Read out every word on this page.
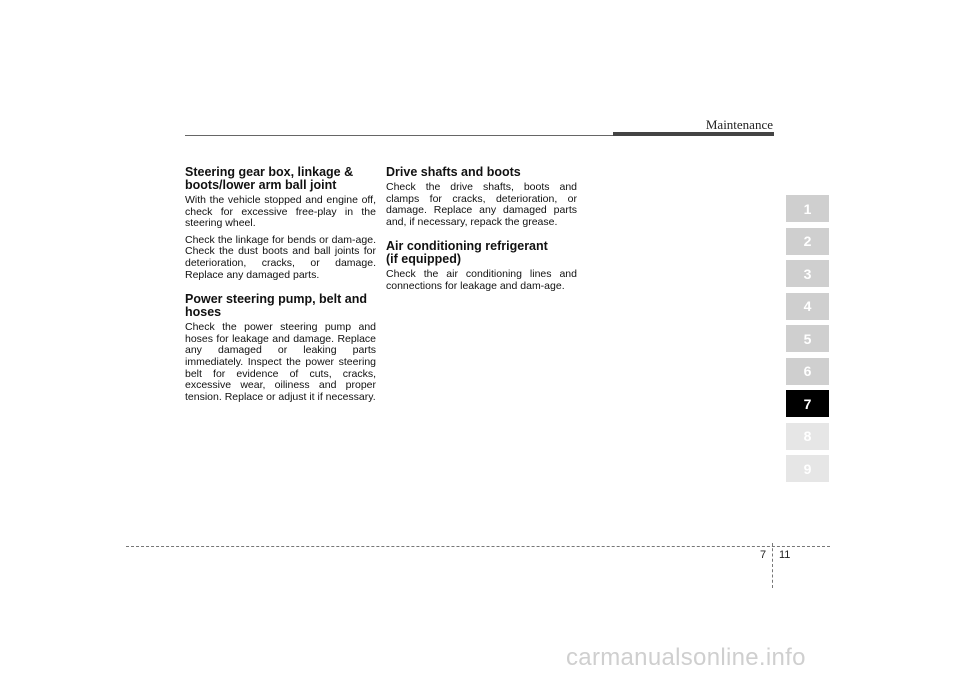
Maintenance
Steering gear box, linkage &
boots/lower arm ball joint

With the vehicle stopped and engine off, check for excessive free-play in the steering wheel.

Check the linkage for bends or dam-age. Check the dust boots and ball joints for deterioration, cracks, or damage. Replace any damaged parts.

Power steering pump, belt and
hoses

Check the power steering pump and hoses for leakage and damage. Replace any damaged or leaking parts immediately. Inspect the power steering belt for evidence of cuts, cracks, excessive wear, oiliness and proper tension. Replace or adjust it if necessary.

Drive shafts and boots

Check the drive shafts, boots and clamps for cracks, deterioration, or damage. Replace any damaged parts and, if necessary, repack the grease.

Air conditioning refrigerant
(if equipped)

Check the air conditioning lines and connections for leakage and dam-age.

1
2
3
4
5
6
7
8
9
7 11
carmanualsonline.info
